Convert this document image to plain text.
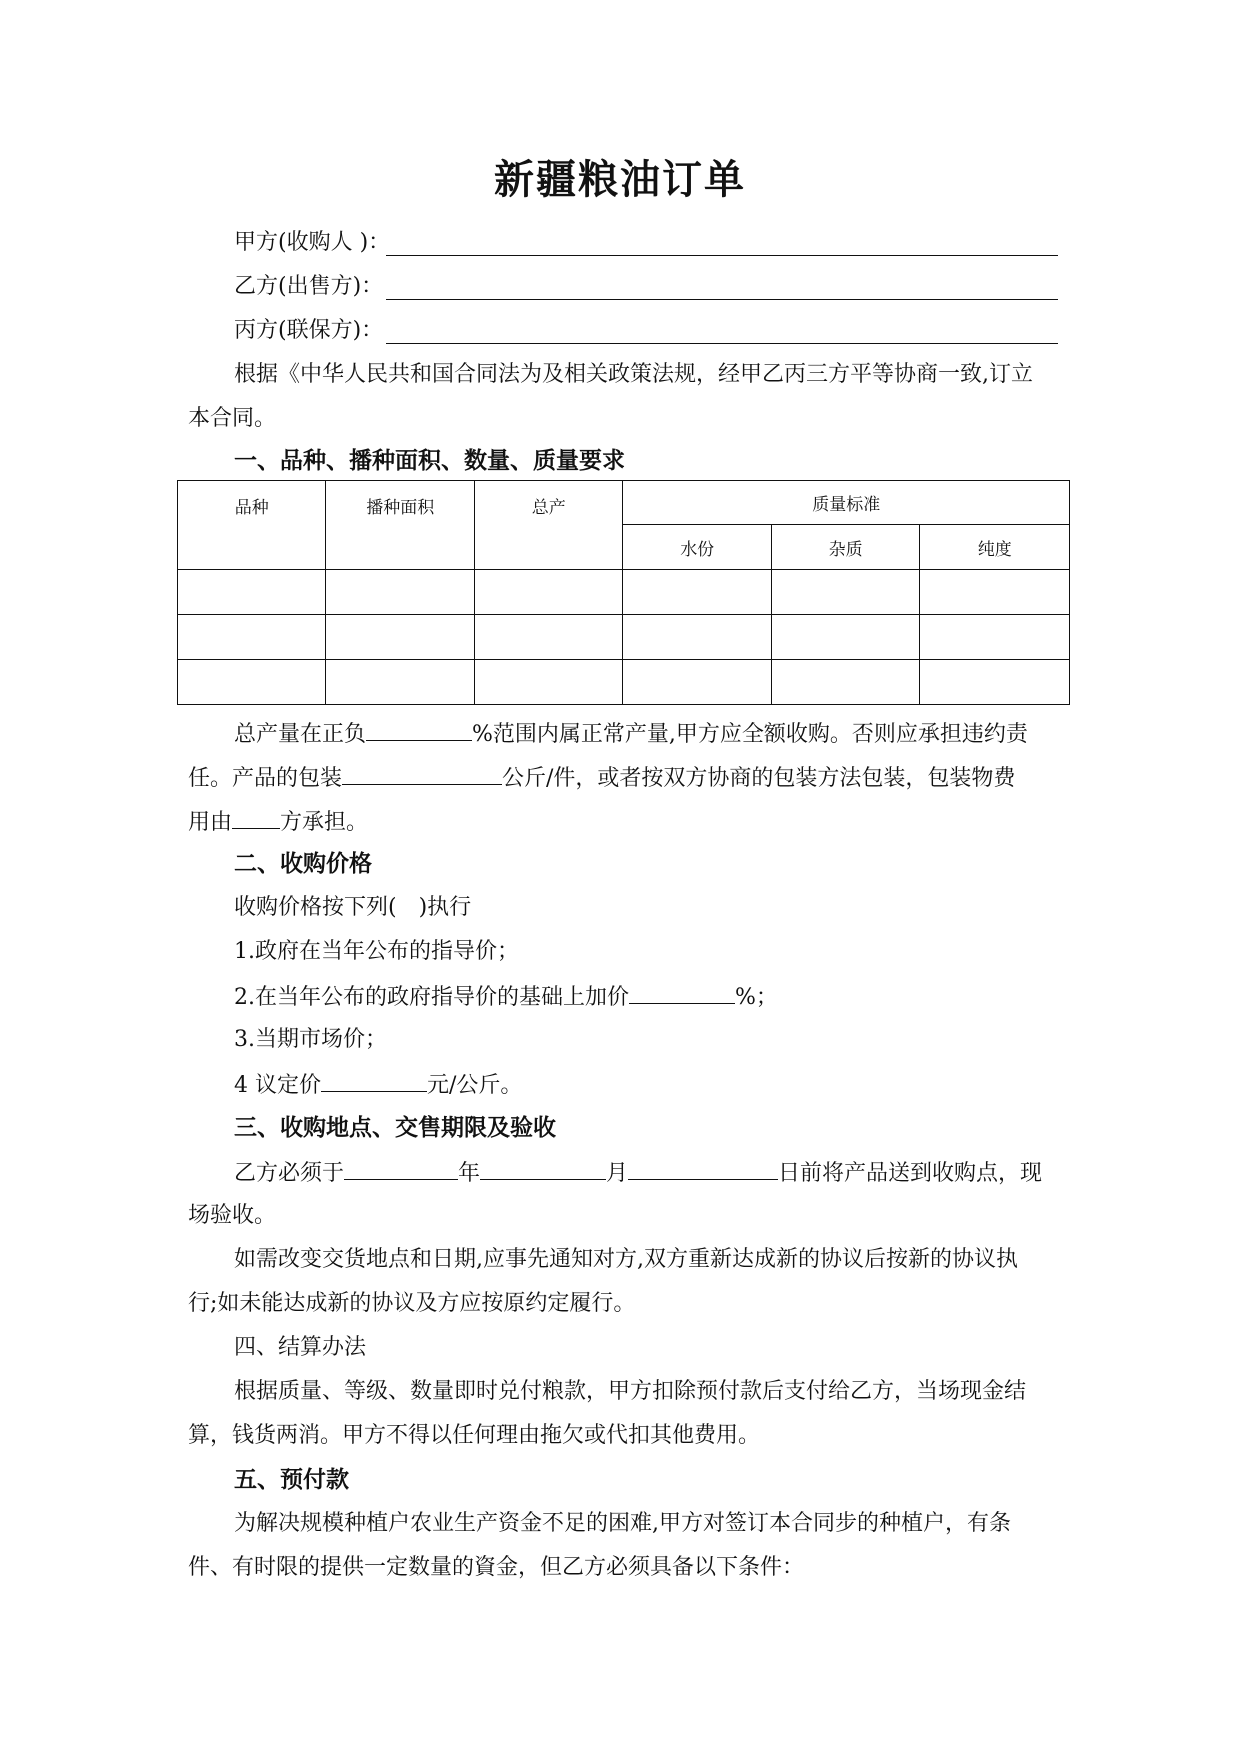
新疆粮油订单
甲方(收购人 )：
乙方(出售方)：
丙方(联保方)：
根据《中华人民共和国合同法为及相关政策法规，经甲乙丙三方平等协商一致,订立
本合同。
一、品种、播种面积、数量、质量要求
品种	播种面积	总产	质量标准		
			水份	杂质	纯度

总产量在正负	%范围内属正常产量,甲方应全额收购。否则应承担违约责
任。产品的包装	公斤/件，或者按双方协商的包装方法包装，包装物费
用由 方承担。
二、收购价格
收购价格按下列(　)执行
1.政府在当年公布的指导价；
2.在当年公布的政府指导价的基础上加价	%；
3.当期市场价；
4 议定价	元/公斤。
三、收购地点、交售期限及验收
乙方必须于	年	月	日前将产品送到收购点，现
场验收。
如需改变交货地点和日期,应事先通知对方,双方重新达成新的协议后按新的协议执
行;如未能达成新的协议及方应按原约定履行。
四、结算办法
根据质量、等级、数量即时兑付粮款，甲方扣除预付款后支付给乙方，当场现金结
算，钱货两消。甲方不得以任何理由拖欠或代扣其他费用。
五、预付款
为解决规模种植户农业生产资金不足的困难,甲方对签订本合同步的种植户，有条
件、有时限的提供一定数量的資金，但乙方必须具备以下条件：
